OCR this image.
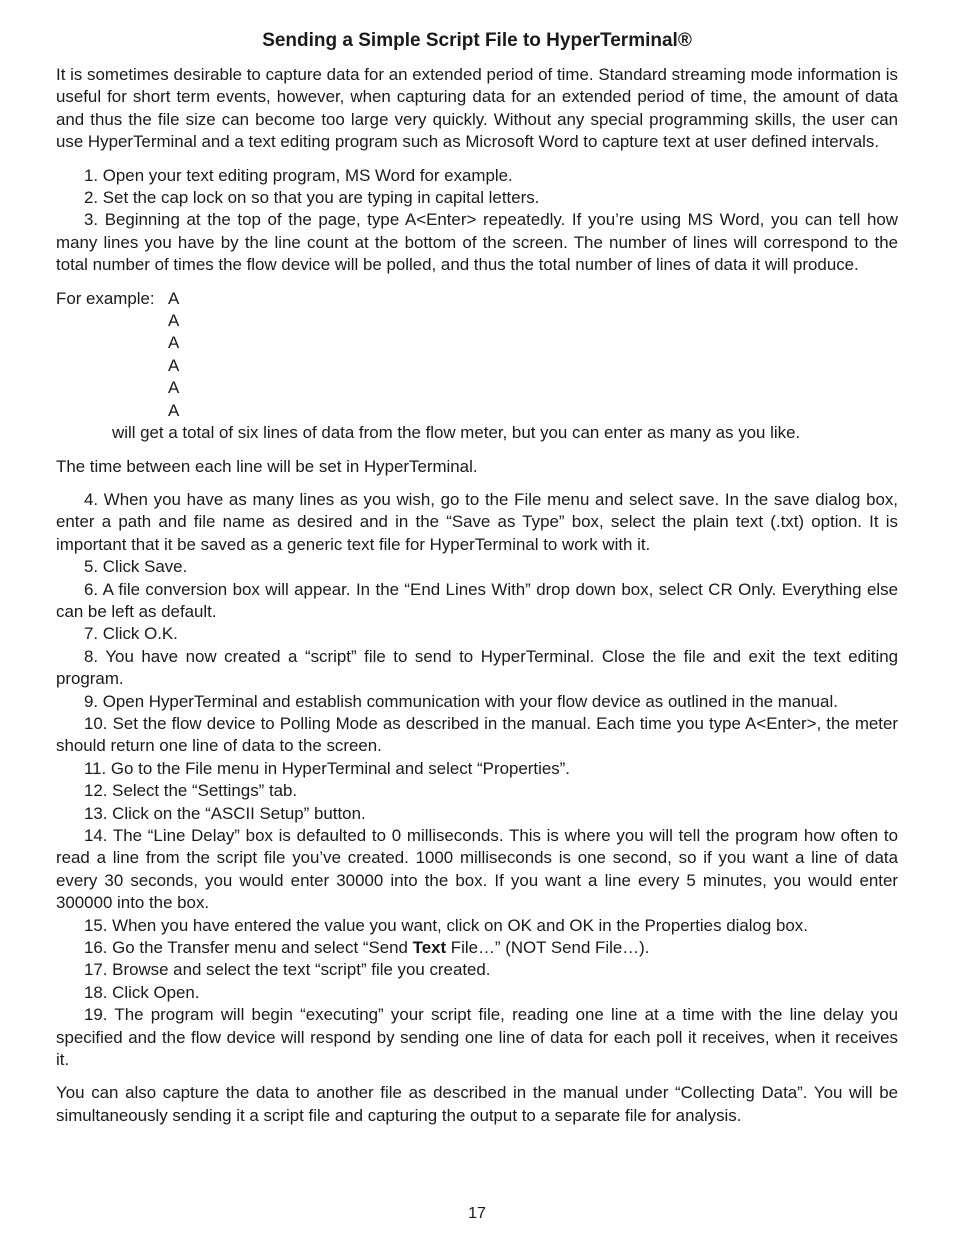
Sending a Simple Script File to HyperTerminal®

It is sometimes desirable to capture data for an extended period of time. Standard streaming mode information is useful for short term events, however, when capturing data for an extended period of time, the amount of data and thus the file size can become too large very quickly. Without any special programming skills, the user can use HyperTerminal and a text editing program such as Microsoft Word to capture text at user defined intervals.

1. Open your text editing program, MS Word for example.

2. Set the cap lock on so that you are typing in capital letters.

3. Beginning at the top of the page, type A<Enter> repeatedly. If you’re using MS Word, you can tell how many lines you have by the line count at the bottom of the screen. The number of lines will correspond to the total number of times the flow device will be polled, and thus the total number of lines of data it will produce.

For example: A
A
A
A
A
A
will get a total of six lines of data from the flow meter, but you can enter as many as you like.

The time between each line will be set in HyperTerminal.

4. When you have as many lines as you wish, go to the File menu and select save. In the save dialog box, enter a path and file name as desired and in the “Save as Type” box, select the plain text (.txt) option. It is important that it be saved as a generic text file for HyperTerminal to work with it.

5. Click Save.

6. A file conversion box will appear. In the “End Lines With” drop down box, select CR Only. Everything else can be left as default.

7. Click O.K.

8. You have now created a “script” file to send to HyperTerminal. Close the file and exit the text editing program.

9. Open HyperTerminal and establish communication with your flow device as outlined in the manual.

10. Set the flow device to Polling Mode as described in the manual. Each time you type A<Enter>, the meter should return one line of data to the screen.

11. Go to the File menu in HyperTerminal and select “Properties”.

12. Select the “Settings” tab.

13. Click on the “ASCII Setup” button.

14. The “Line Delay” box is defaulted to 0 milliseconds. This is where you will tell the program how often to read a line from the script file you’ve created. 1000 milliseconds is one second, so if you want a line of data every 30 seconds, you would enter 30000 into the box. If you want a line every 5 minutes, you would enter 300000 into the box.

15. When you have entered the value you want, click on OK and OK in the Properties dialog box.

16. Go the Transfer menu and select “Send Text File…” (NOT Send File…).

17. Browse and select the text “script” file you created.

18. Click Open.

19. The program will begin “executing” your script file, reading one line at a time with the line delay you specified and the flow device will respond by sending one line of data for each poll it receives, when it receives it.

You can also capture the data to another file as described in the manual under “Collecting Data”. You will be simultaneously sending it a script file and capturing the output to a separate file for analysis.

17
